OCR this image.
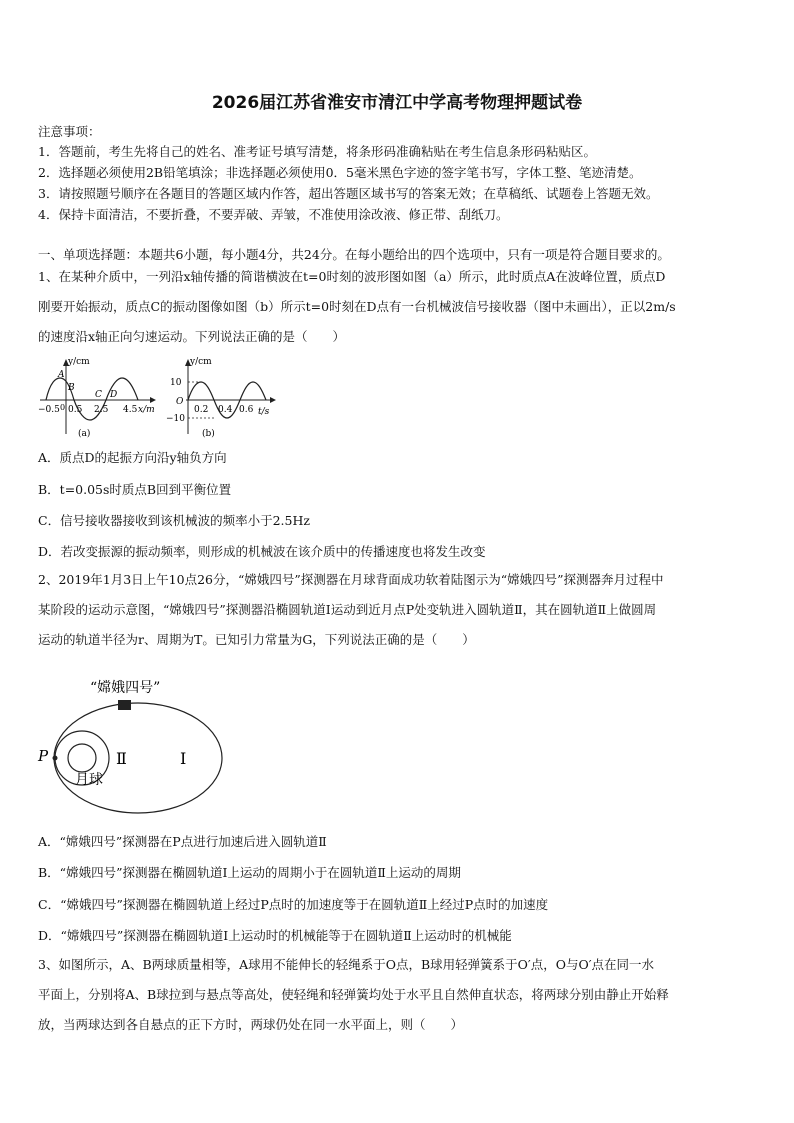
2026届江苏省淮安市清江中学高考物理押题试卷
注意事项：
1．答题前，考生先将自己的姓名、准考证号填写清楚，将条形码准确粘贴在考生信息条形码粘贴区。
2．选择题必须使用2B铅笔填涂；非选择题必须使用0．5毫米黑色字迹的签字笔书写，字体工整、笔迹清楚。
3．请按照题号顺序在各题目的答题区域内作答，超出答题区域书写的答案无效；在草稿纸、试题卷上答题无效。
4．保持卡面清洁，不要折叠，不要弄破、弄皱，不准使用涂改液、修正带、刮纸刀。
一、单项选择题：本题共6小题，每小题4分，共24分。在每小题给出的四个选项中，只有一项是符合题目要求的。
1、在某种介质中，一列沿x轴传播的简谐横波在t=0时刻的波形图如图（a）所示，此时质点A在波峰位置，质点D
刚要开始振动，质点C的振动图像如图（b）所示t=0时刻在D点有一台机械波信号接收器（图中未画出），正以2m/s
的速度沿x轴正向匀速运动。下列说法正确的是（　　）
y/cm
x/m
A
B
C D
−0.5 0.5 2.5 4.5
0
(a)
y/cm
t/s
10
O
−10
0.2 0.4 0.6
(b)
A．质点D的起振方向沿y轴负方向
B．t=0.05s时质点B回到平衡位置
C．信号接收器接收到该机械波的频率小于2.5Hz
D．若改变振源的振动频率，则形成的机械波在该介质中的传播速度也将发生改变
2、2019年1月3日上午10点26分，“嫦娥四号”探测器在月球背面成功软着陆图示为“嫦娥四号”探测器奔月过程中
某阶段的运动示意图，“嫦娥四号”探测器沿椭圆轨道Ⅰ运动到近月点P处变轨进入圆轨道Ⅱ，其在圆轨道Ⅱ上做圆周
运动的轨道半径为r、周期为T。已知引力常量为G，下列说法正确的是（　　）
“嫦娥四号”
P	Ⅱ	Ⅰ
月球
A．“嫦娥四号”探测器在P点进行加速后进入圆轨道Ⅱ
B．“嫦娥四号”探测器在椭圆轨道Ⅰ上运动的周期小于在圆轨道Ⅱ上运动的周期
C．“嫦娥四号”探测器在椭圆轨道上经过P点时的加速度等于在圆轨道Ⅱ上经过P点时的加速度
D．“嫦娥四号”探测器在椭圆轨道Ⅰ上运动时的机械能等于在圆轨道Ⅱ上运动时的机械能
3、如图所示，A、B两球质量相等，A球用不能伸长的轻绳系于O点，B球用轻弹簧系于O′点，O与O′点在同一水
平面上，分别将A、B球拉到与悬点等高处，使轻绳和轻弹簧均处于水平且自然伸直状态，将两球分别由静止开始释
放，当两球达到各自悬点的正下方时，两球仍处在同一水平面上，则（　　）
